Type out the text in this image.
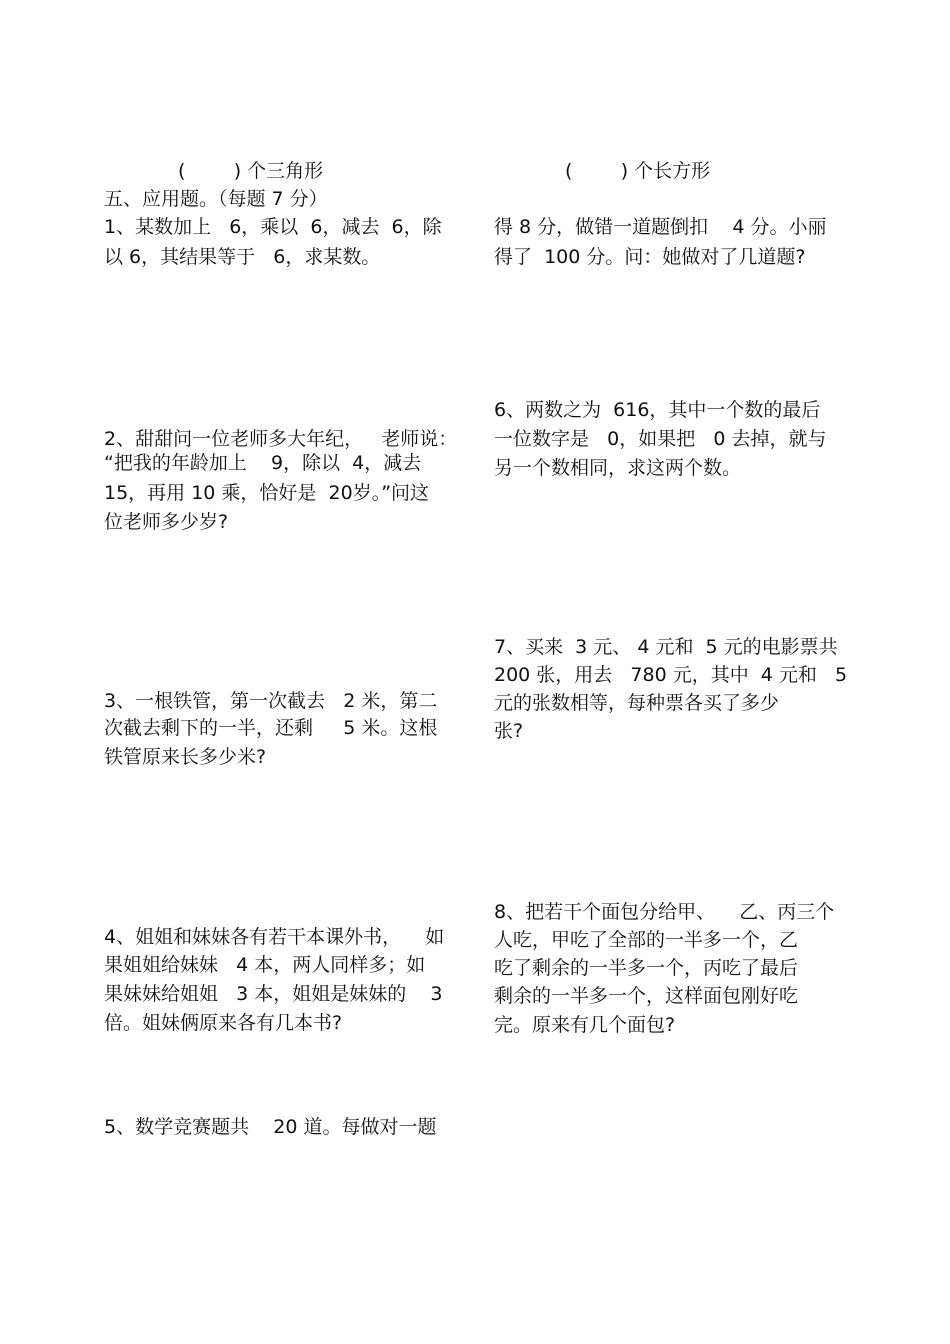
(        ) 个三角形	(        ) 个长方形
五、应用题。（每题 7 分）
1、某数加上   6，乘以  6，减去  6，除
以 6，其结果等于   6，求某数。
2、甜甜问一位老师多大年纪，   老师说：
“把我的年龄加上    9，除以  4，减去
15，再用 10 乘，恰好是  20岁。”问这
位老师多少岁?
3、一根铁管，第一次截去   2 米，第二
次截去剩下的一半，还剩     5 米。这根
铁管原来长多少米?
4、姐姐和妹妹各有若干本课外书，    如
果姐姐给妹妹   4 本，两人同样多；如
果妹妹给姐姐   3 本，姐姐是妹妹的    3
倍。姐妹俩原来各有几本书?
5、数学竞赛题共    20 道。每做对一题
得 8 分，做错一道题倒扣    4 分。小丽
得了  100 分。问：她做对了几道题?
6、两数之为  616，其中一个数的最后
一位数字是   0，如果把   0 去掉，就与
另一个数相同，求这两个数。
7、买来  3 元、 4 元和  5 元的电影票共
200 张，用去   780 元，其中  4 元和   5
元的张数相等，每种票各买了多少
张?
8、把若干个面包分给甲、    乙、丙三个
人吃，甲吃了全部的一半多一个，乙
吃了剩余的一半多一个，丙吃了最后
剩余的一半多一个，这样面包刚好吃
完。原来有几个面包?
